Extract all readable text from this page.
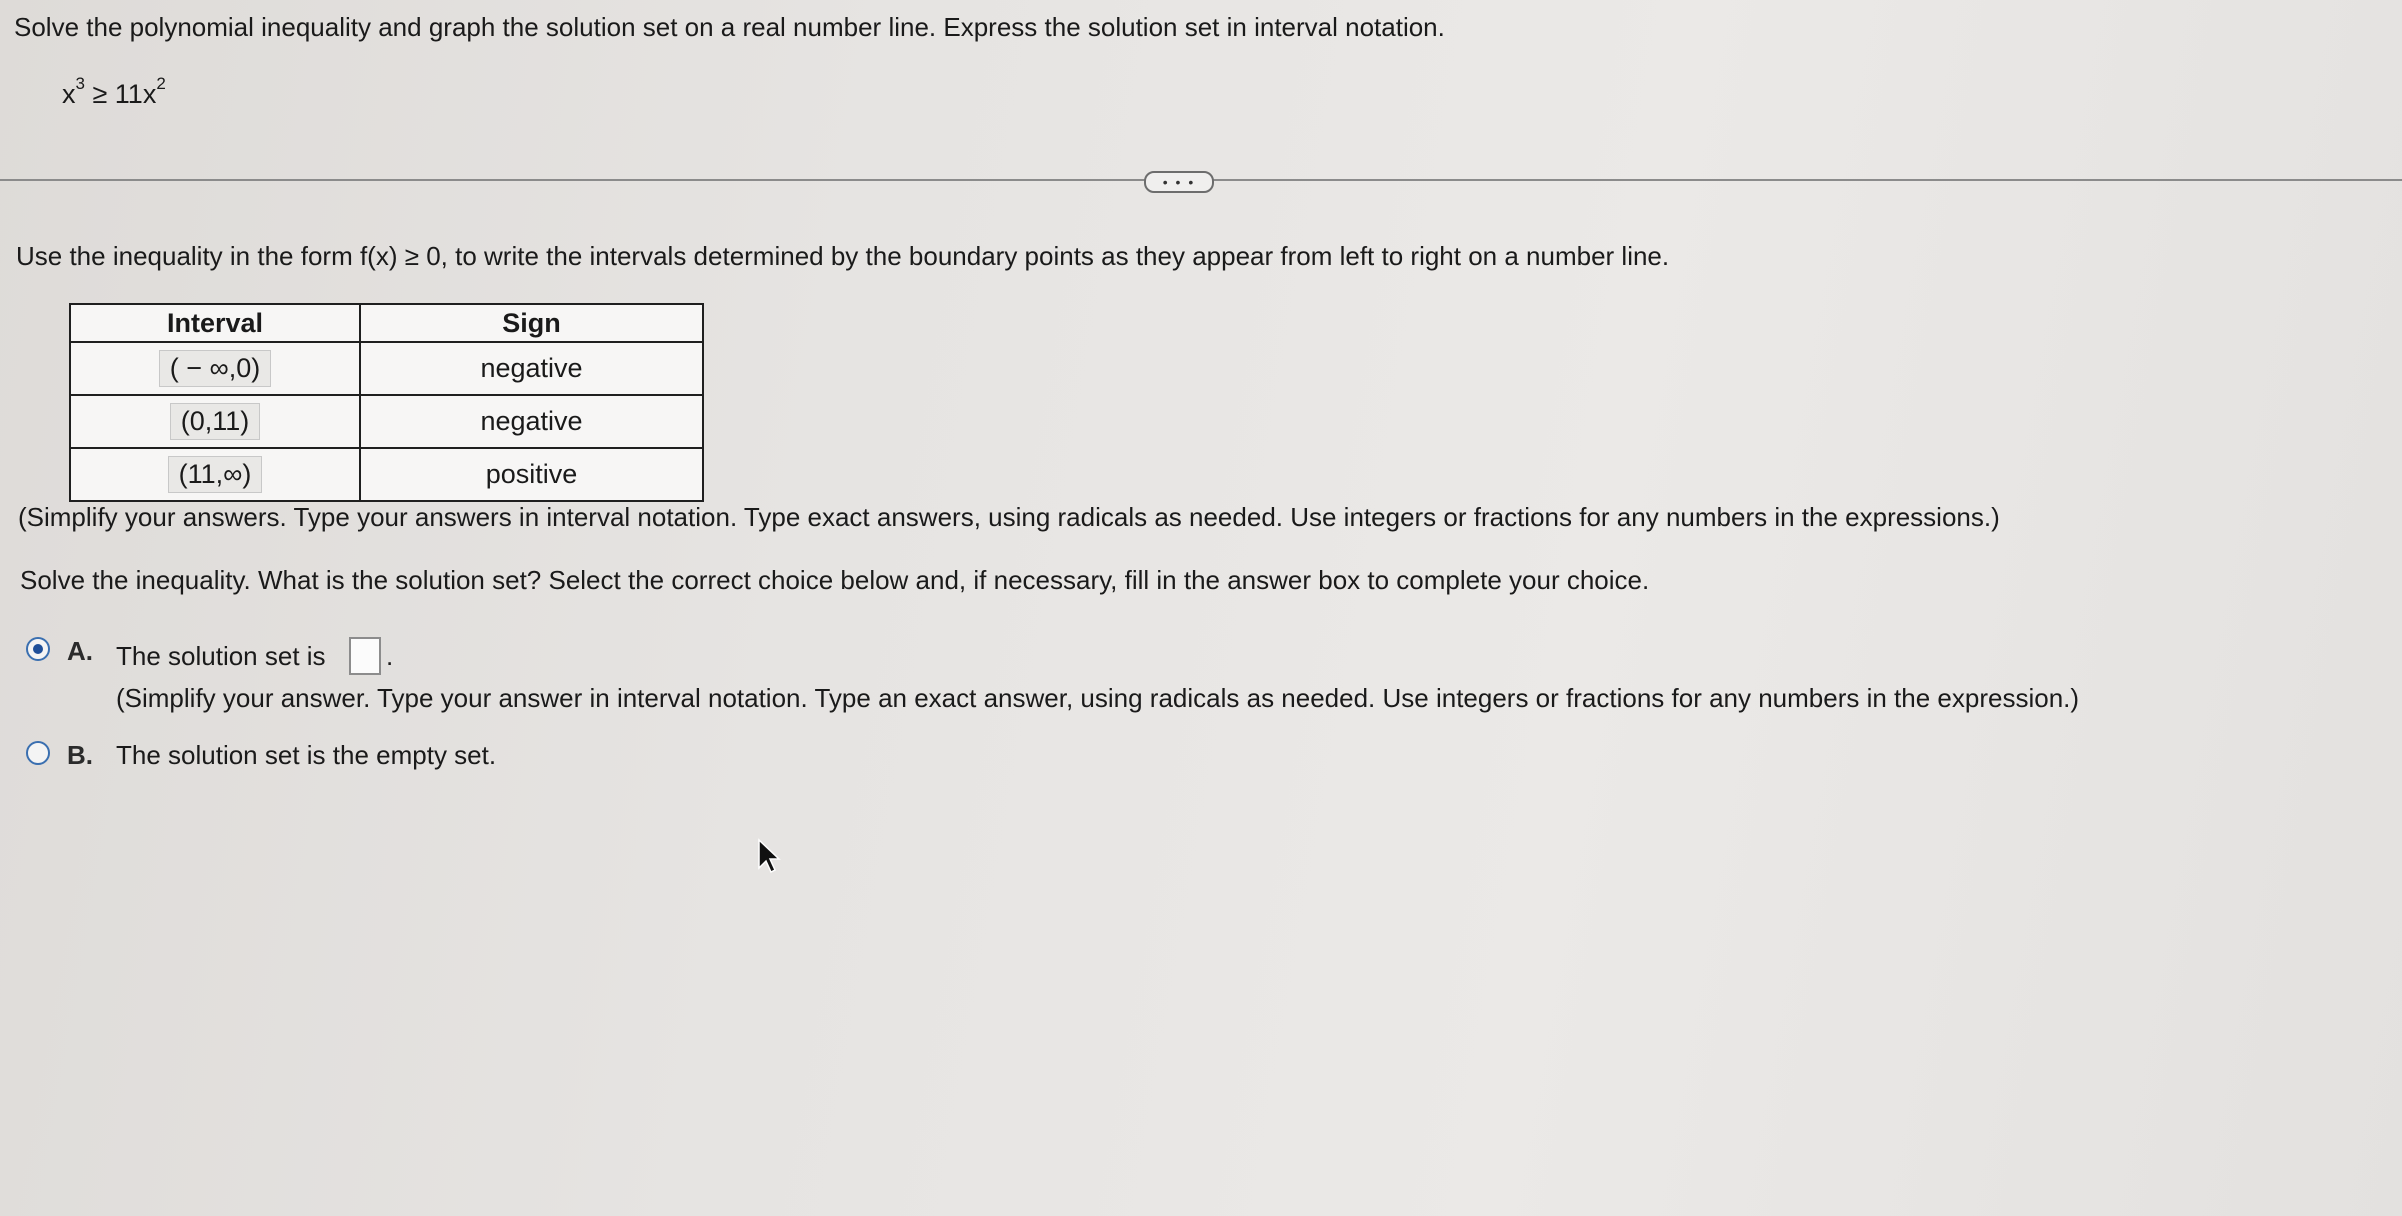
Solve the polynomial inequality and graph the solution set on a real number line. Express the solution set in interval notation.
$x^3 \ge 11x^2$
• • •
Use the inequality in the form f(x) ≥ 0, to write the intervals determined by the boundary points as they appear from left to right on a number line.
Interval	Sign
( − ∞,0)	negative
(0,11)	negative
(11,∞)	positive
(Simplify your answers. Type your answers in interval notation. Type exact answers, using radicals as needed. Use integers or fractions for any numbers in the expressions.)
Solve the inequality. What is the solution set? Select the correct choice below and, if necessary, fill in the answer box to complete your choice.
A. The solution set is .
(Simplify your answer. Type your answer in interval notation. Type an exact answer, using radicals as needed. Use integers or fractions for any numbers in the expression.)
B. The solution set is the empty set.
